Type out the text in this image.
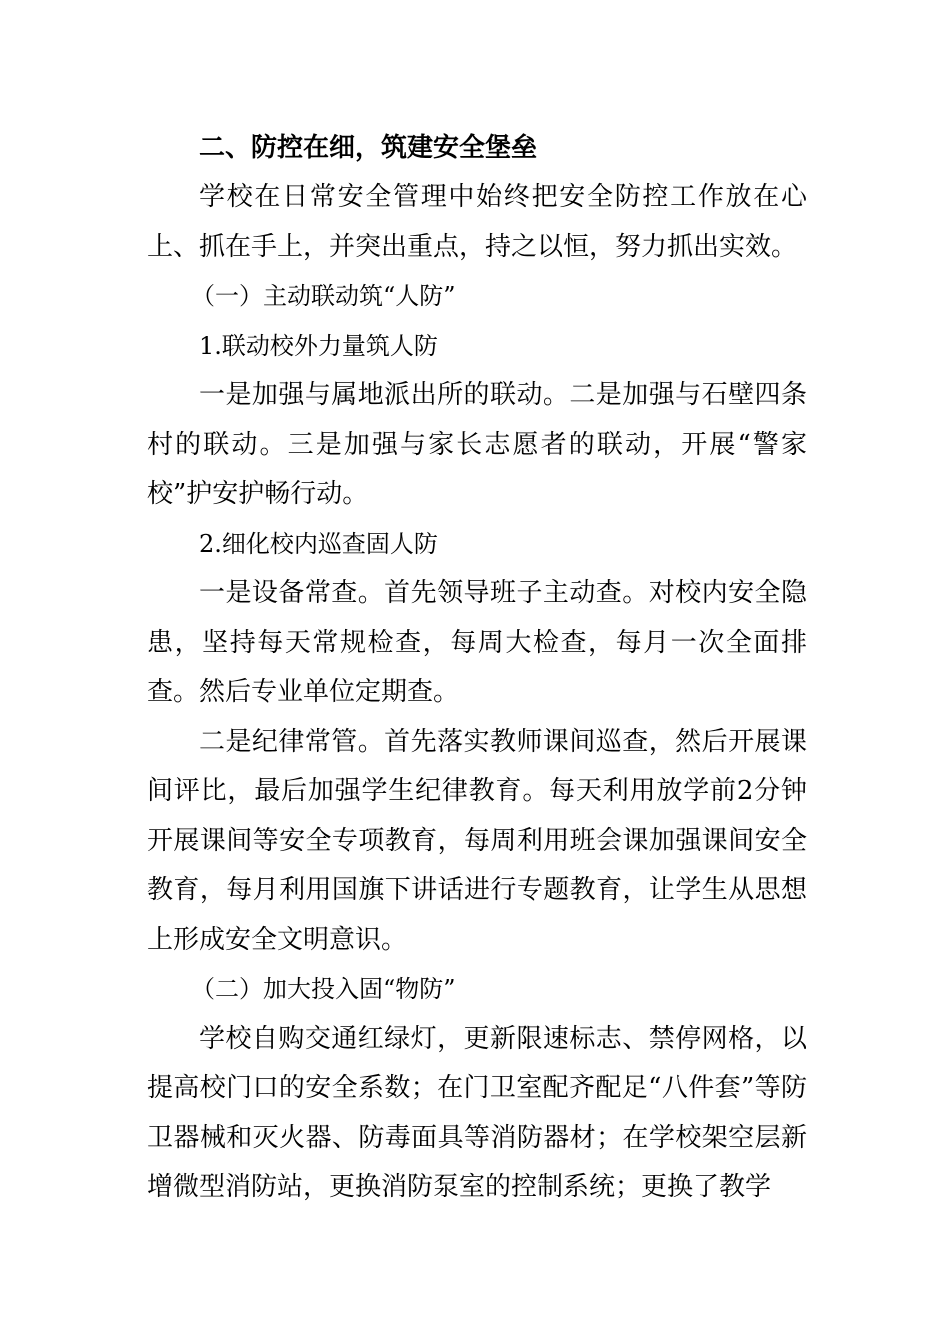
二、防控在细，筑建安全堡垒

学校在日常安全管理中始终把安全防控工作放在心上、抓在手上，并突出重点，持之以恒，努力抓出实效。

（一）主动联动筑“人防”

1.联动校外力量筑人防

一是加强与属地派出所的联动。二是加强与石壁四条村的联动。三是加强与家长志愿者的联动，开展“警家校”护安护畅行动。

2.细化校内巡查固人防

一是设备常查。首先领导班子主动查。对校内安全隐患，坚持每天常规检查，每周大检查，每月一次全面排查。然后专业单位定期查。

二是纪律常管。首先落实教师课间巡查，然后开展课间评比，最后加强学生纪律教育。每天利用放学前2分钟开展课间等安全专项教育，每周利用班会课加强课间安全教育，每月利用国旗下讲话进行专题教育，让学生从思想上形成安全文明意识。

（二）加大投入固“物防”

学校自购交通红绿灯，更新限速标志、禁停网格，以提高校门口的安全系数；在门卫室配齐配足“八件套”等防卫器械和灭火器、防毒面具等消防器材；在学校架空层新增微型消防站，更换消防泵室的控制系统；更换了教学
